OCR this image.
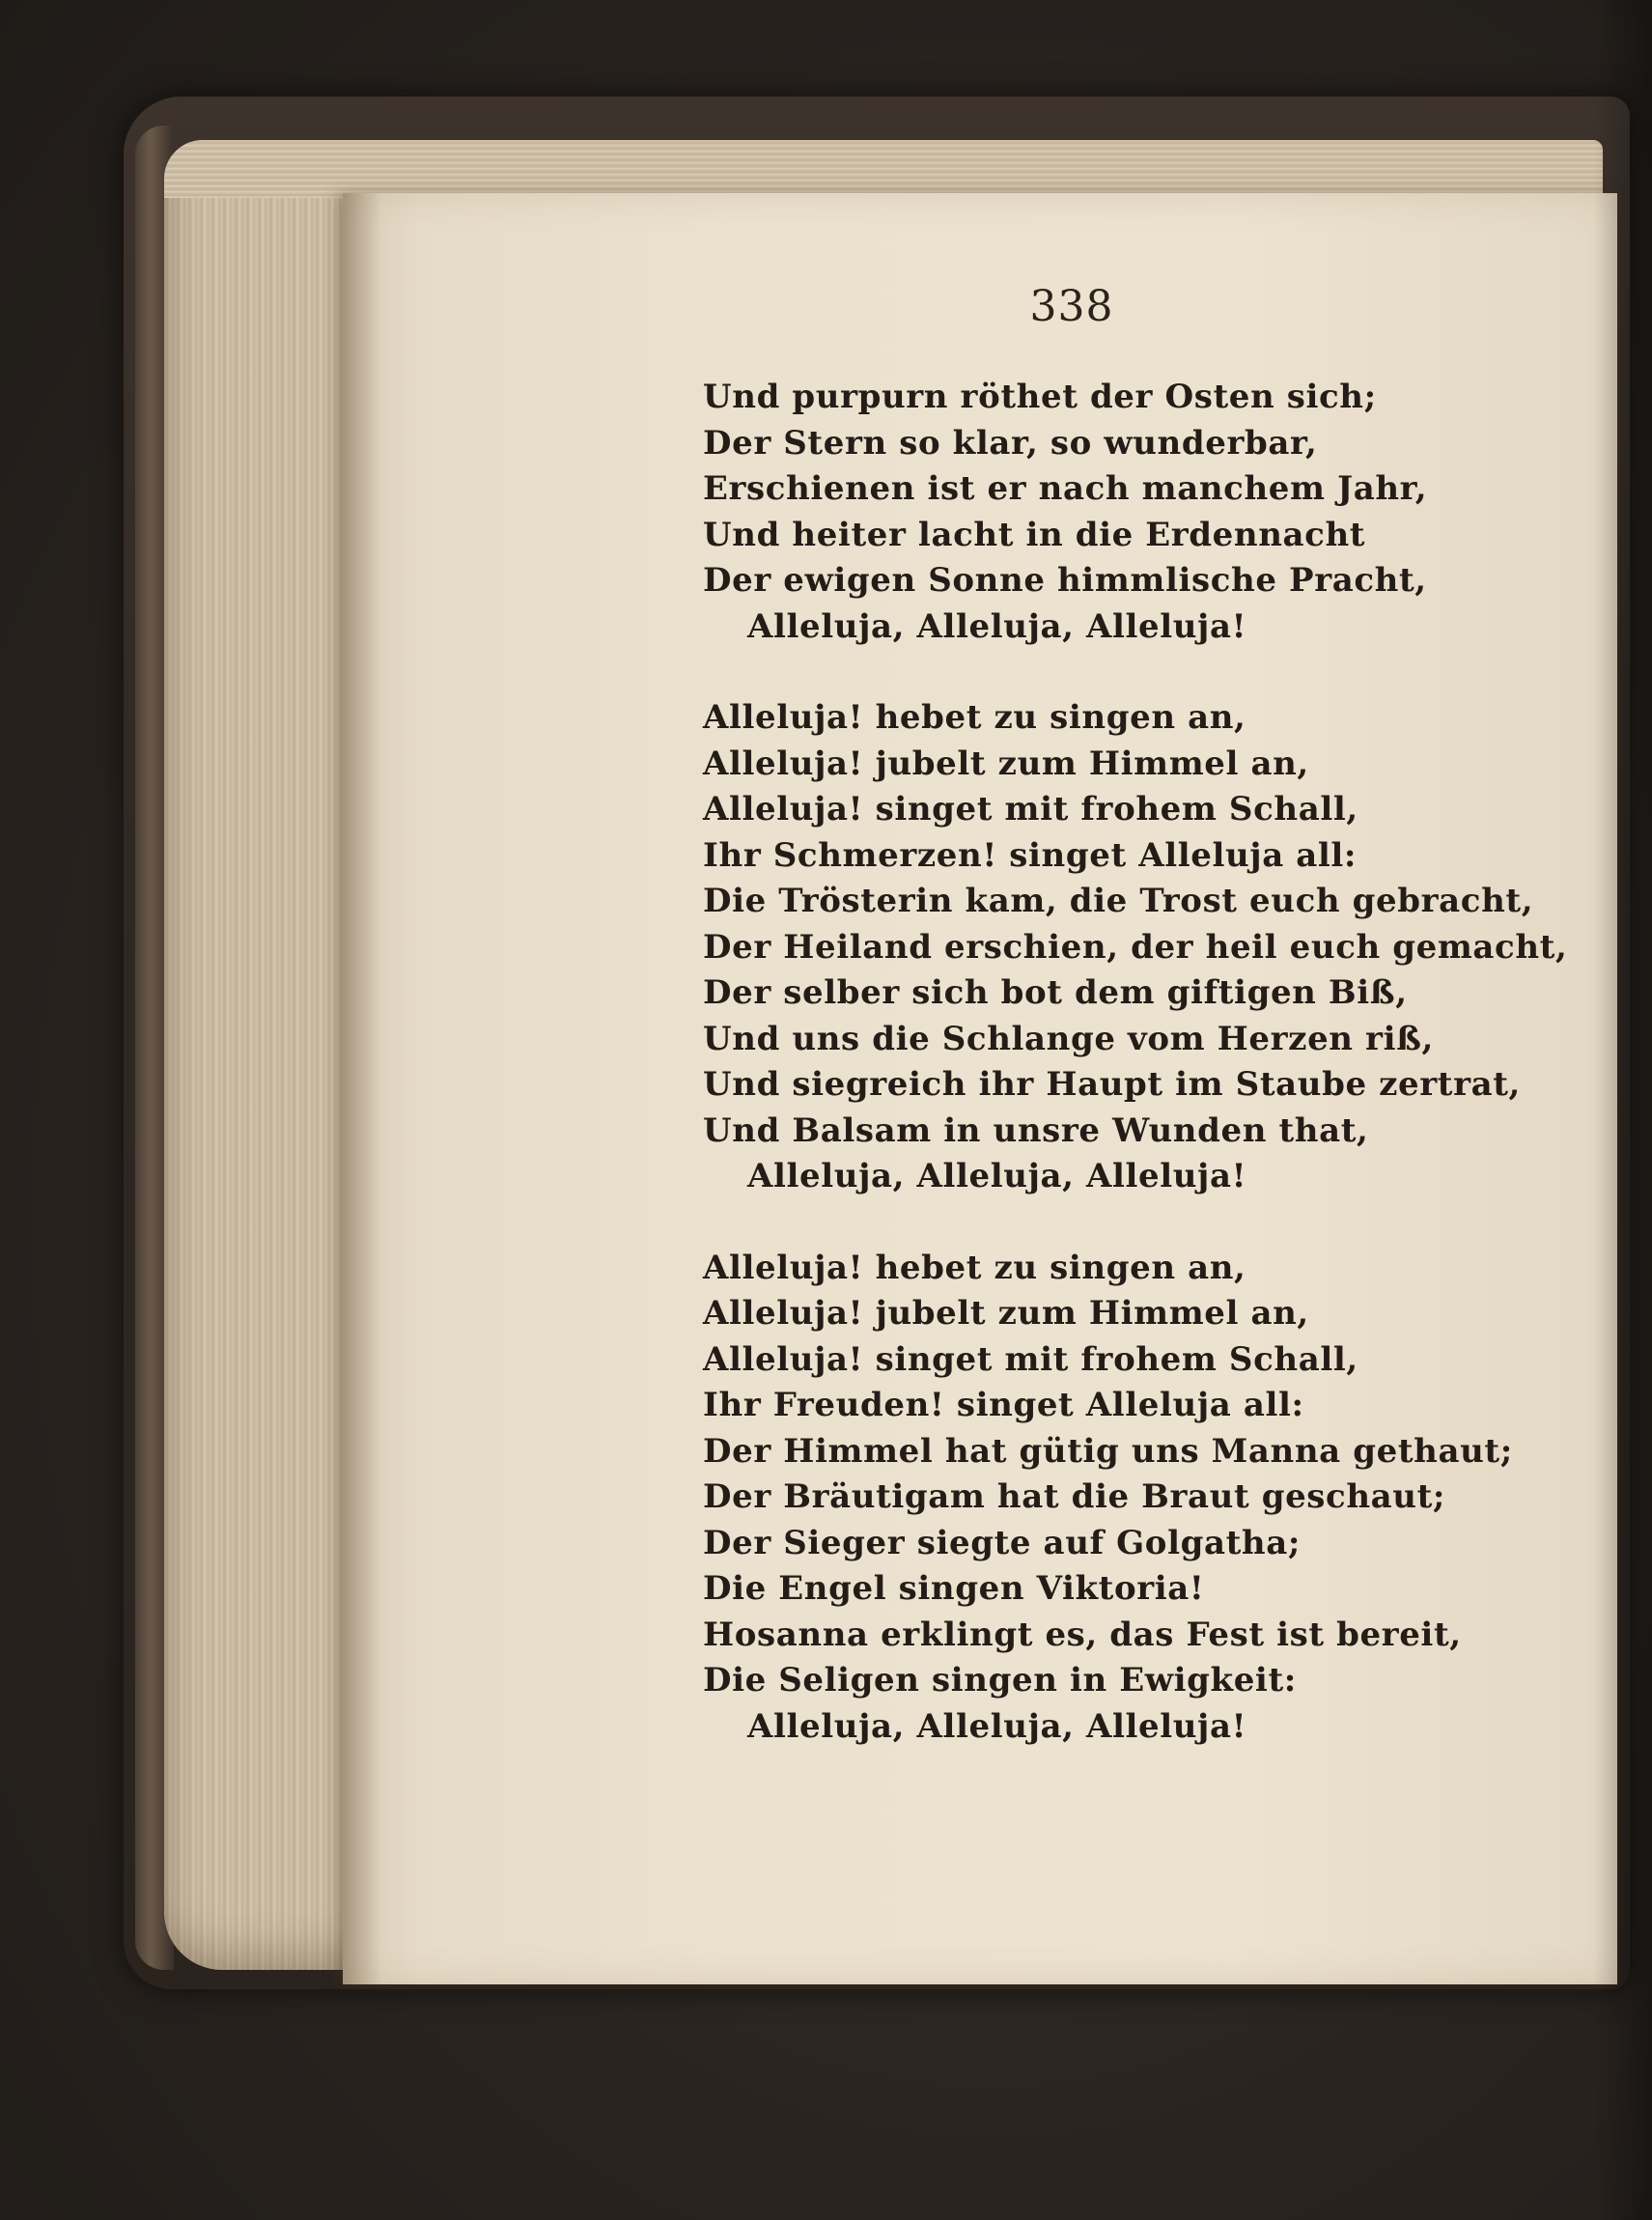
338
Und purpurn röthet der Osten sich;
Der Stern so klar, so wunderbar,
Erschienen ist er nach manchem Jahr,
Und heiter lacht in die Erdennacht
Der ewigen Sonne himmlische Pracht,
Alleluja, Alleluja, Alleluja!
Alleluja! hebet zu singen an,
Alleluja! jubelt zum Himmel an,
Alleluja! singet mit frohem Schall,
Ihr Schmerzen! singet Alleluja all:
Die Trösterin kam, die Trost euch gebracht,
Der Heiland erschien, der heil euch gemacht,
Der selber sich bot dem giftigen Biß,
Und uns die Schlange vom Herzen riß,
Und siegreich ihr Haupt im Staube zertrat,
Und Balsam in unsre Wunden that,
Alleluja, Alleluja, Alleluja!
Alleluja! hebet zu singen an,
Alleluja! jubelt zum Himmel an,
Alleluja! singet mit frohem Schall,
Ihr Freuden! singet Alleluja all:
Der Himmel hat gütig uns Manna gethaut;
Der Bräutigam hat die Braut geschaut;
Der Sieger siegte auf Golgatha;
Die Engel singen Viktoria!
Hosanna erklingt es, das Fest ist bereit,
Die Seligen singen in Ewigkeit:
Alleluja, Alleluja, Alleluja!
